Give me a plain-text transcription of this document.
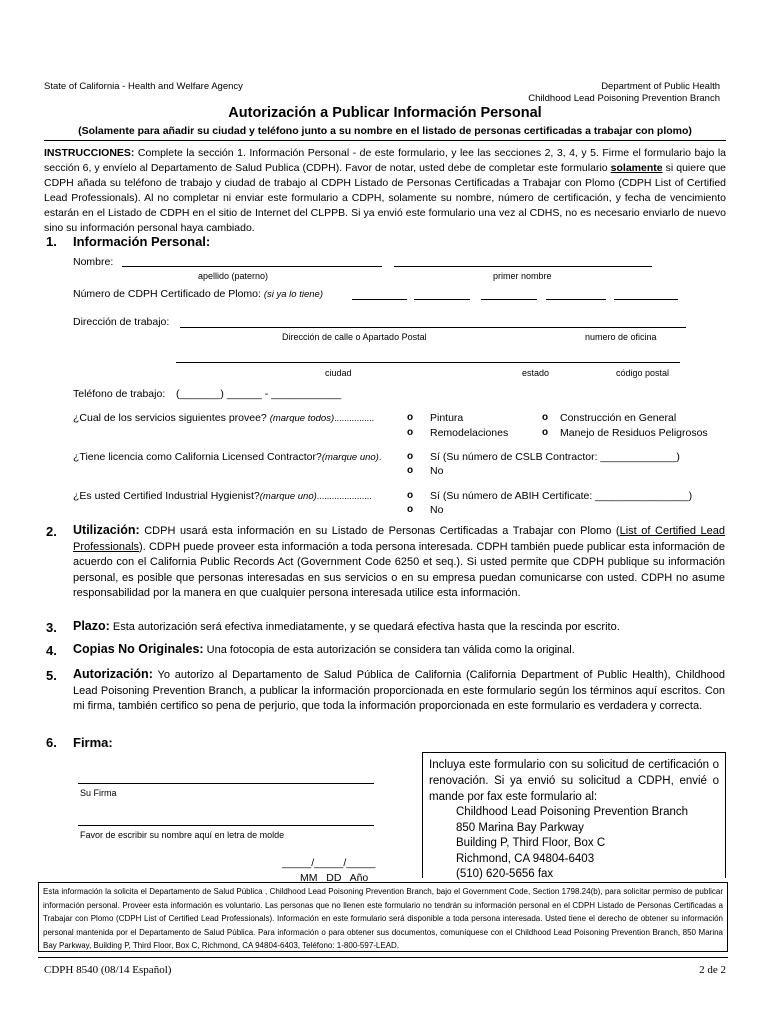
State of California - Health and Welfare Agency	Department of Public Health
Childhood Lead Poisoning Prevention Branch
Autorización a Publicar Información Personal
(Solamente para añadir su ciudad y teléfono junto a su nombre en el listado de personas certificadas a trabajar con plomo)
INSTRUCCIONES: Complete la sección 1. Información Personal - de este formulario, y lee las secciones 2, 3, 4, y 5. Firme el formulario bajo la sección 6, y envíelo al Departamento de Salud Publica (CDPH). Favor de notar, usted debe de completar este formulario solamente si quiere que CDPH añada su teléfono de trabajo y ciudad de trabajo al CDPH Listado de Personas Certificadas a Trabajar con Plomo (CDPH List of Certified Lead Professionals). Al no completar ni enviar este formulario a CDPH, solamente su nombre, número de certificación, y fecha de vencimiento estarán en el Listado de CDPH en el sitio de Internet del CLPPB. Si ya envió este formulario una vez al CDHS, no es necesario enviarlo de nuevo sino su información personal haya cambiado.
1. Información Personal:
Nombre:
apellido (paterno)	primer nombre
Número de CDPH Certificado de Plomo: (si ya lo tiene)
Dirección de trabajo:
Dirección de calle o Apartado Postal	numero de oficina
ciudad	estado	código postal
Teléfono de trabajo: (_______) ______ - ____________
¿Cual de los servicios siguientes provee? (marque todos)................	o Pintura
o Remodelaciones
o Construcción en General
o Manejo de Residuos Peligrosos
¿Tiene licencia como California Licensed Contractor?(marque uno).	o Sí (Su número de CSLB Contractor: _____________)
o No
¿Es usted Certified Industrial Hygienist?(marque uno)......................	o Sí (Su número de ABIH Certificate: ________________)
o No
2. Utilización: CDPH usará esta información en su Listado de Personas Certificadas a Trabajar con Plomo (List of Certified Lead Professionals). CDPH puede proveer esta información a toda persona interesada. CDPH también puede publicar esta información de acuerdo con el California Public Records Act (Government Code 6250 et seq.). Si usted permite que CDPH publique su información personal, es posible que personas interesadas en sus servicios o en su empresa puedan comunicarse con usted. CDPH no asume responsabilidad por la manera en que cualquier persona interesada utilice esta información.
3. Plazo: Esta autorización será efectiva inmediatamente, y se quedará efectiva hasta que la rescinda por escrito.
4. Copias No Originales: Una fotocopia de esta autorización se considera tan válida como la original.
5. Autorización: Yo autorizo al Departamento de Salud Pública de California (California Department of Public Health), Childhood Lead Poisoning Prevention Branch, a publicar la información proporcionada en este formulario según los términos aquí escritos. Con mi firma, también certifico so pena de perjurio, que toda la información proporcionada en este formulario es verdadera y correcta.
6. Firma:
Su Firma
Favor de escribir su nombre aquí en letra de molde
_____/_____/_____
MM   DD   Año
Incluya este formulario con su solicitud de certificación o renovación. Si ya envió su solicitud a CDPH, envié o mande por fax este formulario al:
Childhood Lead Poisoning Prevention Branch
850 Marina Bay Parkway
Building P, Third Floor, Box C
Richmond, CA 94804-6403
(510) 620-5656 fax
Esta información la solicita el Departamento de Salud Pública , Childhood Lead Poisoning Prevention Branch, bajo el Government Code, Section 1798.24(b), para solicitar permiso de publicar información personal. Proveer esta información es voluntario. Las personas que no llenen este formulario no tendrán su información personal en el CDPH Listado de Personas Certificadas a Trabajar con Plomo (CDPH List of Certified Lead Professionals). Información en este formulario será disponible a toda persona interesada. Usted tiene el derecho de obtener su información personal mantenida por el Departamento de Salud Pública. Para información o para obtener sus documentos, comuníquese con el Childhood Lead Poisoning Prevention Branch, 850 Marina Bay Parkway, Building P, Third Floor, Box C, Richmond, CA 94804-6403, Teléfono: 1-800-597-LEAD.
CDPH 8540 (08/14 Español)	2 de 2
